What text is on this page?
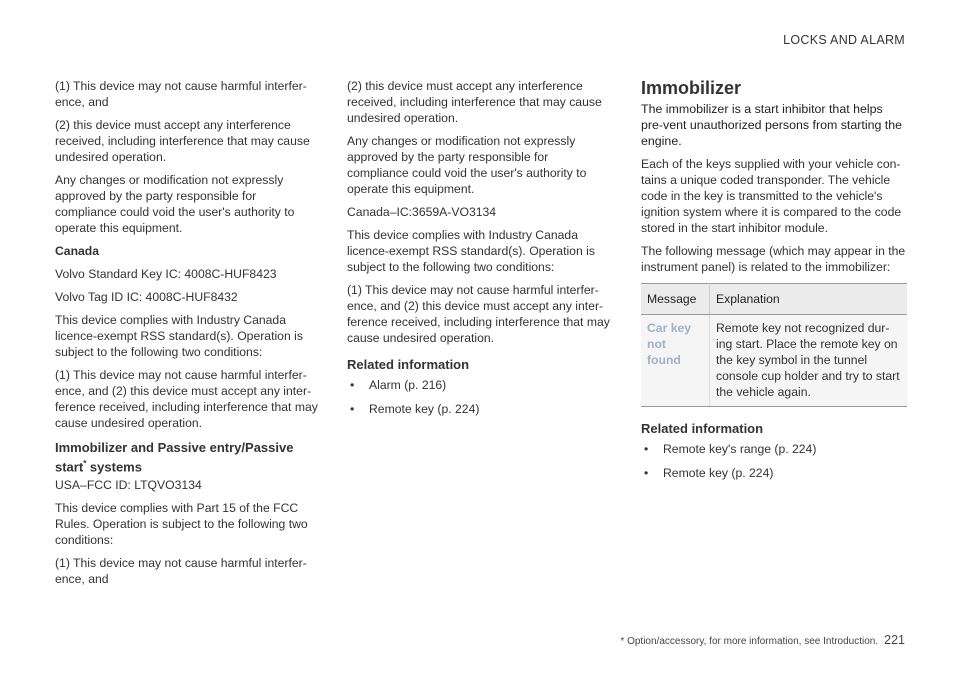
LOCKS AND ALARM

(1) This device may not cause harmful interfer-ence, and

(2) this device must accept any interference received, including interference that may cause undesired operation.

Any changes or modification not expressly approved by the party responsible for compliance could void the user's authority to operate this equipment.

Canada

Volvo Standard Key IC: 4008C-HUF8423

Volvo Tag ID IC: 4008C-HUF8432

This device complies with Industry Canada licence-exempt RSS standard(s). Operation is subject to the following two conditions:

(1) This device may not cause harmful interfer-ence, and (2) this device must accept any inter-ference received, including interference that may cause undesired operation.

Immobilizer and Passive entry/Passive start* systems

USA–FCC ID: LTQVO3134

This device complies with Part 15 of the FCC Rules. Operation is subject to the following two conditions:

(1) This device may not cause harmful interfer-ence, and

(2) this device must accept any interference received, including interference that may cause undesired operation.

Any changes or modification not expressly approved by the party responsible for compliance could void the user's authority to operate this equipment.

Canada–IC:3659A-VO3134

This device complies with Industry Canada licence-exempt RSS standard(s). Operation is subject to the following two conditions:

(1) This device may not cause harmful interfer-ence, and (2) this device must accept any inter-ference received, including interference that may cause undesired operation.

Related information
• Alarm (p. 216)
• Remote key (p. 224)
Immobilizer

The immobilizer is a start inhibitor that helps pre-vent unauthorized persons from starting the engine.

Each of the keys supplied with your vehicle con-tains a unique coded transponder. The vehicle code in the key is transmitted to the vehicle's ignition system where it is compared to the code stored in the start inhibitor module.

The following message (which may appear in the instrument panel) is related to the immobilizer:

Message	Explanation
Car key not found	Remote key not recognized dur-ing start. Place the remote key on the key symbol in the tunnel console cup holder and try to start the vehicle again.
Related information
• Remote key's range (p. 224)
• Remote key (p. 224)
* Option/accessory, for more information, see Introduction. 221
